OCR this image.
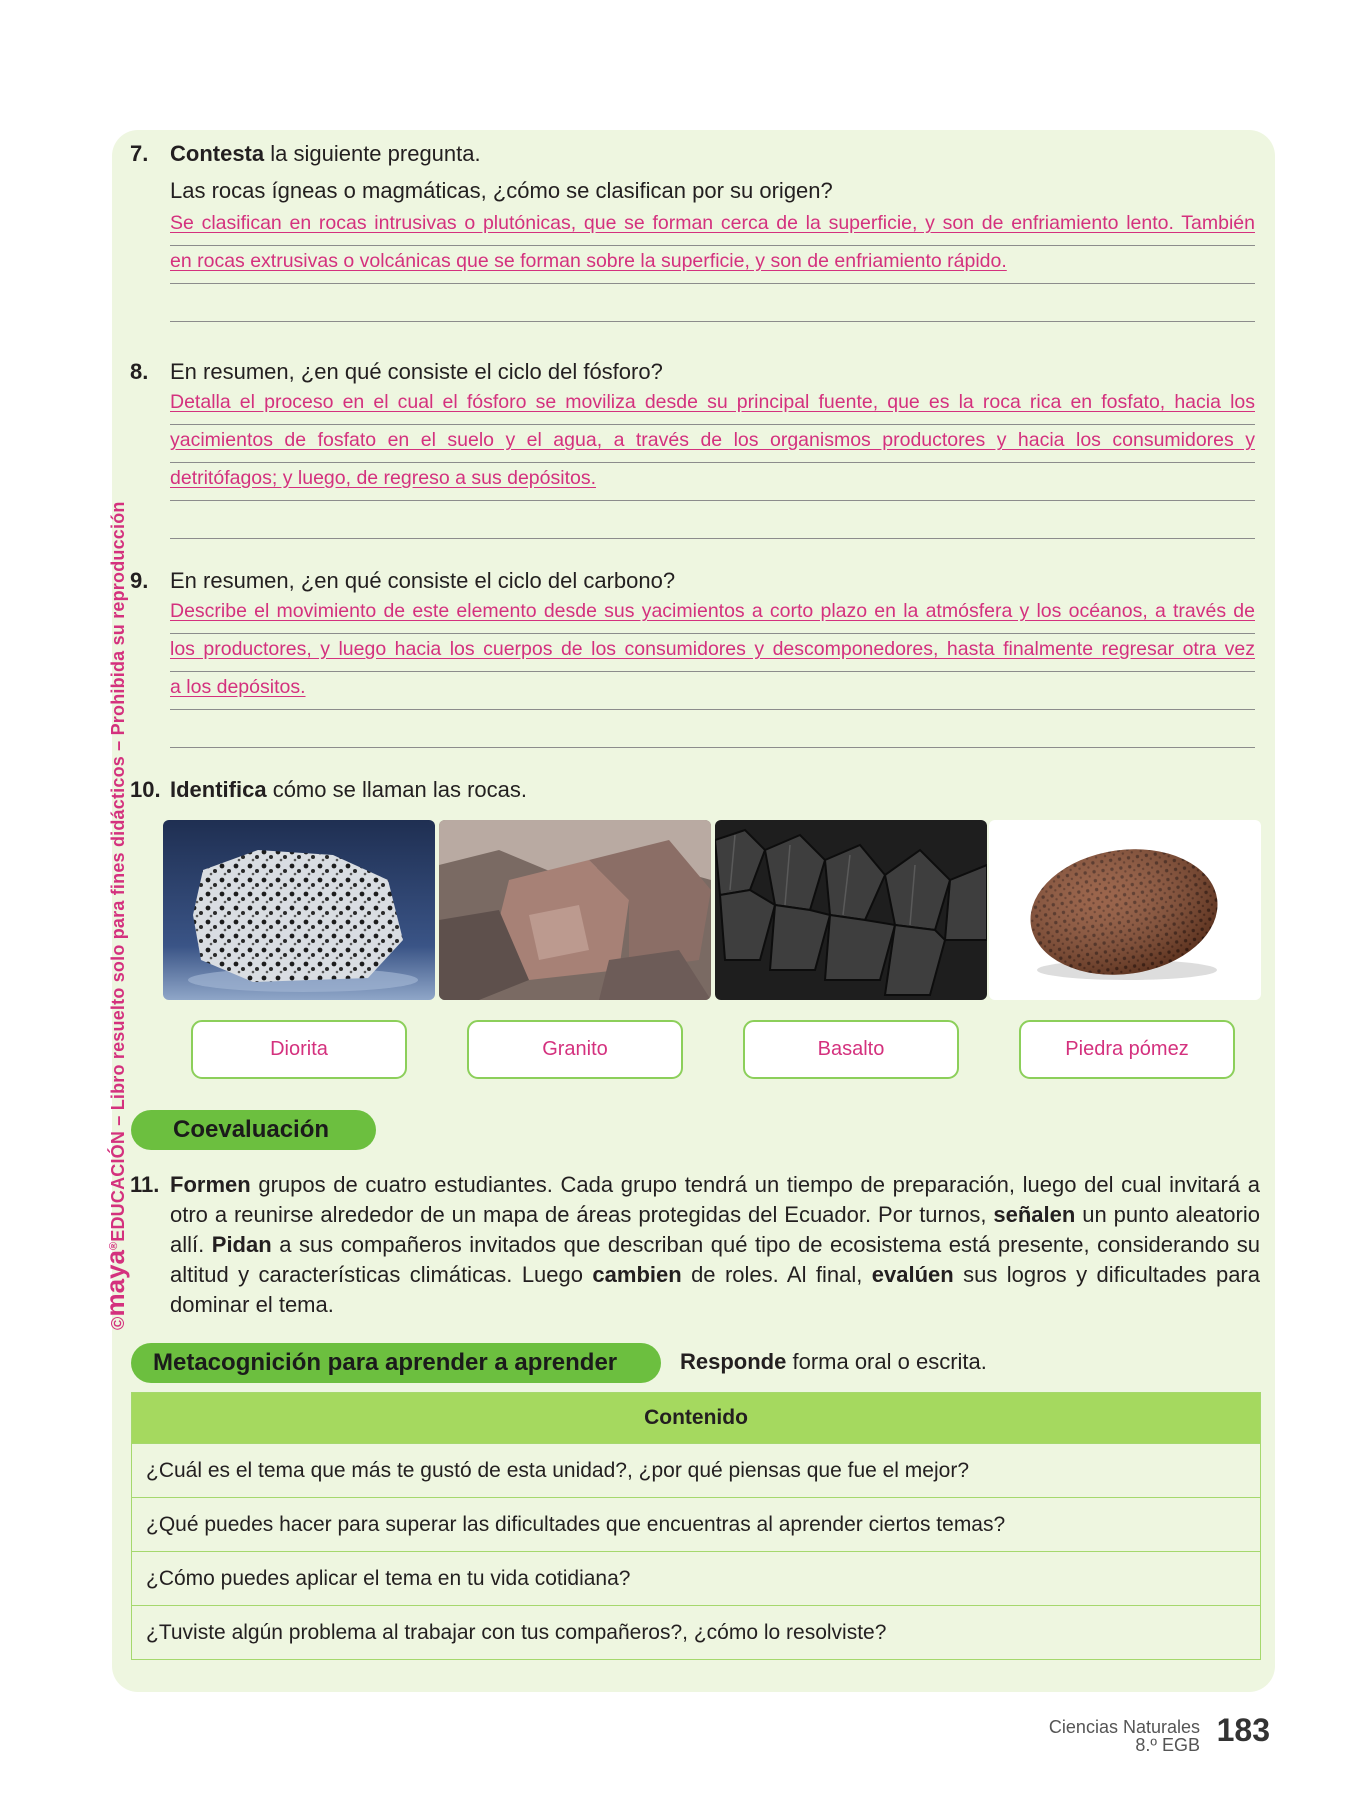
©maya®EDUCACIÓN – Libro resuelto solo para fines didácticos – Prohibida su reproducción
7. Contesta la siguiente pregunta.
Las rocas ígneas o magmáticas, ¿cómo se clasifican por su origen?
Se clasifican en rocas intrusivas o plutónicas, que se forman cerca de la superficie, y son de enfriamiento lento. También
en rocas extrusivas o volcánicas que se forman sobre la superficie, y son de enfriamiento rápido.
8. En resumen, ¿en qué consiste el ciclo del fósforo?
Detalla el proceso en el cual el fósforo se moviliza desde su principal fuente, que es la roca rica en fosfato, hacia los
yacimientos de fosfato en el suelo y el agua, a través de los organismos productores y hacia los consumidores y
detritófagos; y luego, de regreso a sus depósitos.
9. En resumen, ¿en qué consiste el ciclo del carbono?
Describe el movimiento de este elemento desde sus yacimientos a corto plazo en la atmósfera y los océanos, a través de
los productores, y luego hacia los cuerpos de los consumidores y descomponedores, hasta finalmente regresar otra vez
a los depósitos.
10. Identifica cómo se llaman las rocas.
Diorita	Granito	Basalto	Piedra pómez
Coevaluación
11. Formen grupos de cuatro estudiantes. Cada grupo tendrá un tiempo de preparación, luego del cual invitará a otro a reunirse alrededor de un mapa de áreas protegidas del Ecuador. Por turnos, señalen un punto aleatorio allí. Pidan a sus compañeros invitados que describan qué tipo de ecosistema está presente, considerando su altitud y características climáticas. Luego cambien de roles. Al final, evalúen sus logros y dificultades para dominar el tema.
Metacognición para aprender a aprender	Responde forma oral o escrita.
Contenido
¿Cuál es el tema que más te gustó de esta unidad?, ¿por qué piensas que fue el mejor?
¿Qué puedes hacer para superar las dificultades que encuentras al aprender ciertos temas?
¿Cómo puedes aplicar el tema en tu vida cotidiana?
¿Tuviste algún problema al trabajar con tus compañeros?, ¿cómo lo resolviste?
Ciencias Naturales
8.º EGB 183
